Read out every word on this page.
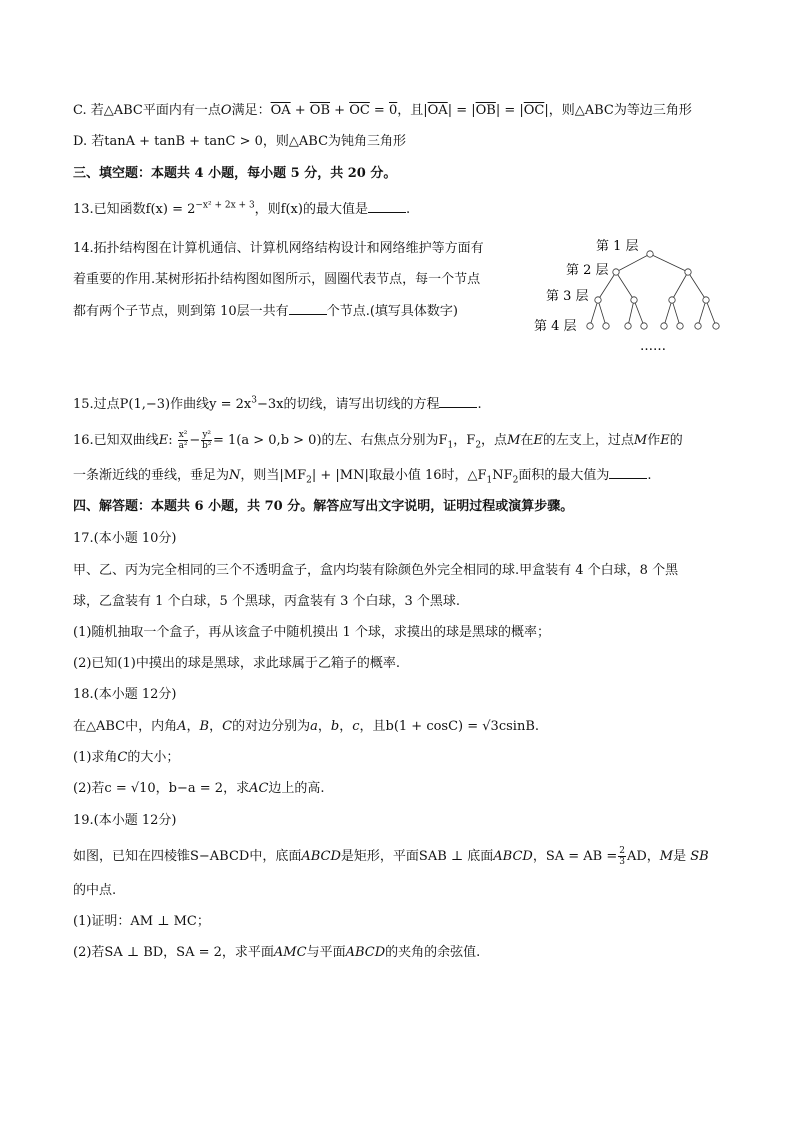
C. 若△ABC平面内有一点O满足：$\overline{OA} + \overline{OB} + \overline{OC} = 0$，且$|\overline{OA}| = |\overline{OB}| = |\overline{OC}|$，则△ABC为等边三角形
D. 若tanA + tanB + tanC > 0，则△ABC为钝角三角形
三、填空题：本题共 4 小题，每小题 5 分，共 20 分。
13.已知函数$f(x) = 2^{-x^2 + 2x + 3}$，则f(x)的最大值是	.
14.拓扑结构图在计算机通信、计算机网络结构设计和网络维护等方面有
着重要的作用.某树形拓扑结构图如图所示，圆圈代表节点，每一个节点
都有两个子节点，则到第 10层一共有	个节点.(填写具体数字)
第 1 层
第 2 层
第 3 层
第 4 层
……
15.过点P(1,−3)作曲线$y = 2x^3-3x$的切线，请写出切线的方程	.
16.已知双曲线E: $\frac{\text{x²}}{\text{a²}} - \frac{\text{y²}}{\text{b²}} = 1(a > 0,b > 0)$的左、右焦点分别为$F_1$，$F_2$，点M在E的左支上，过点M作E的
一条渐近线的垂线，垂足为N，则当$|MF_2| + |MN|$取最小值 16时，$\triangle F_1NF_2$面积的最大值为	.
四、解答题：本题共 6 小题，共 70 分。解答应写出文字说明，证明过程或演算步骤。
17.(本小题 10分)
甲、乙、丙为完全相同的三个不透明盒子，盒内均装有除颜色外完全相同的球.甲盒装有 4 个白球，8 个黑
球，乙盒装有 1 个白球，5 个黑球，丙盒装有 3 个白球，3 个黑球.
(1)随机抽取一个盒子，再从该盒子中随机摸出 1 个球，求摸出的球是黑球的概率；
(2)已知(1)中摸出的球是黑球，求此球属于乙箱子的概率.
18.(本小题 12分)
在△ABC中，内角A，B，C的对边分别为a，b，c，且b(1 + cosC) = √3csinB.
(1)求角C的大小；
(2)若c = √10，b−a = 2，求AC边上的高.
19.(本小题 12分)
如图，已知在四棱锥S−ABCD中，底面ABCD是矩形，平面SAB ⊥ 底面ABCD，SA = AB = $\frac{2}{3}$ AD，M是 SB
的中点.
(1)证明：AM ⊥ MC；
(2)若SA ⊥ BD，SA = 2，求平面AMC与平面ABCD的夹角的余弦值.
